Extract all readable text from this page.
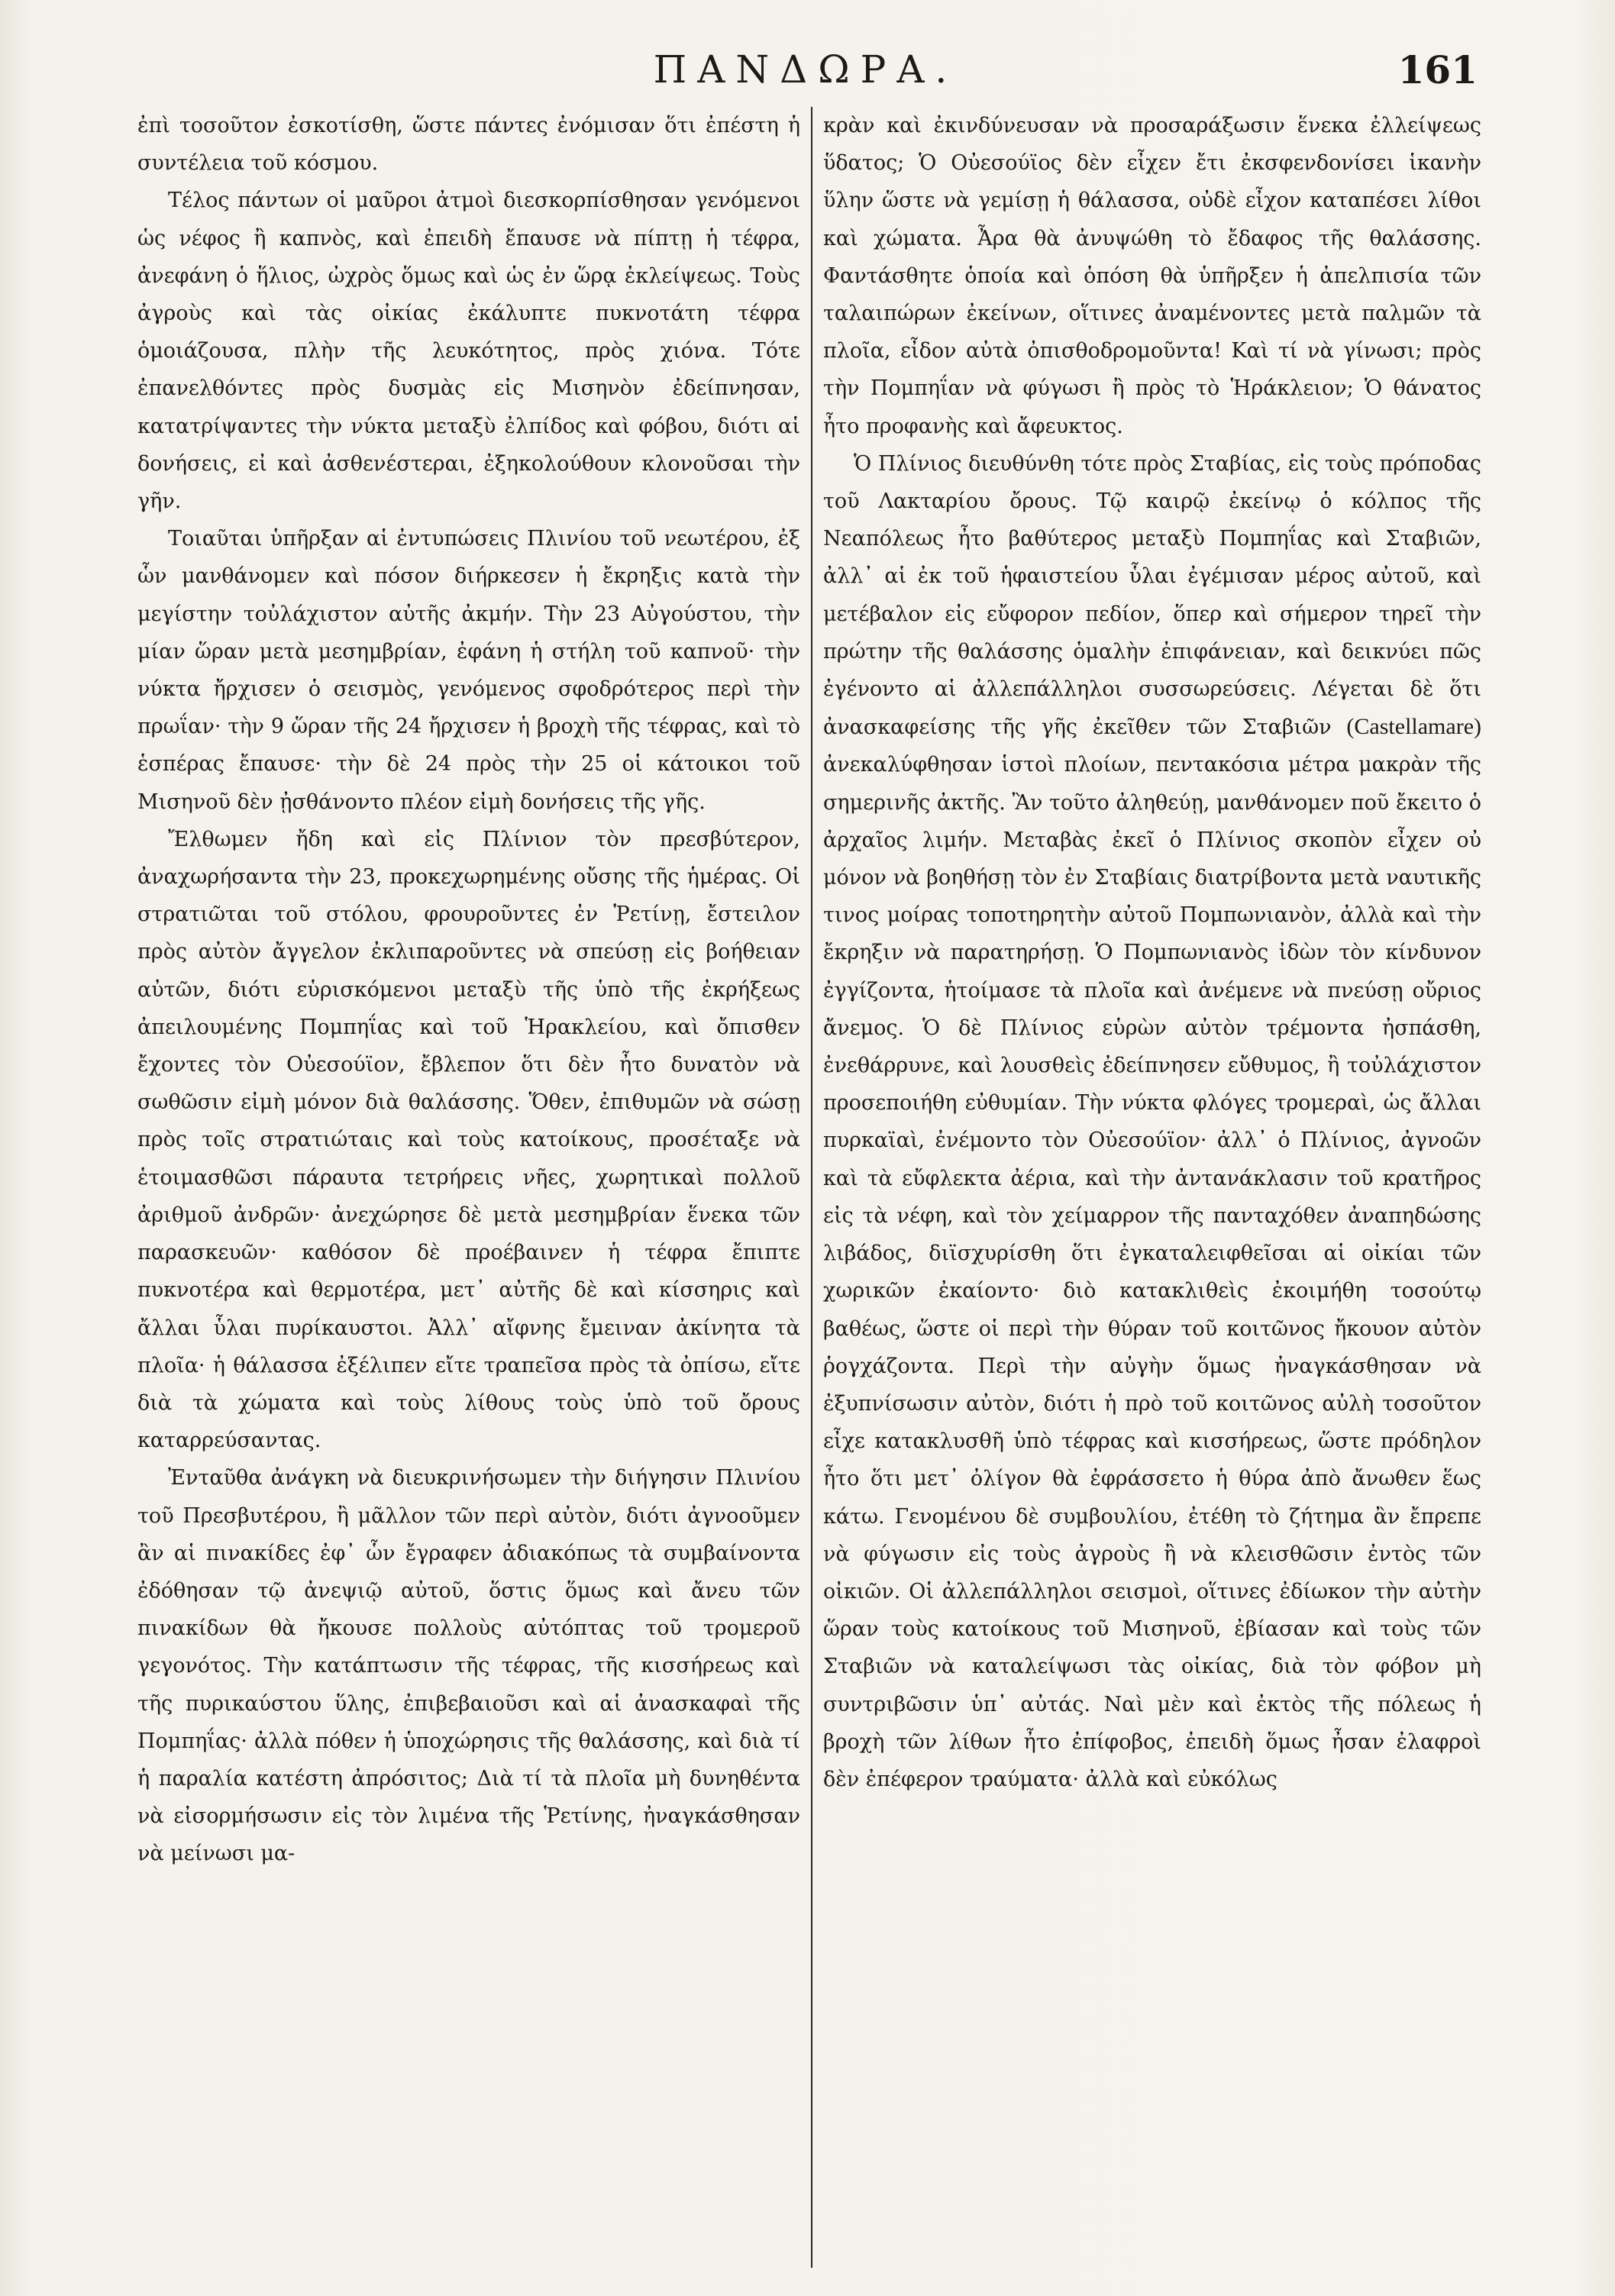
ΠΑΝΔΩΡΑ.	161

ἐπὶ τοσοῦτον ἐσκοτίσθη, ὥστε πάντες ἐνόμισαν ὅτι ἐπέστη ἡ συντέλεια τοῦ κόσμου.

Τέλος πάντων οἱ μαῦροι ἀτμοὶ διεσκορπίσθησαν γενόμενοι ὡς νέφος ἢ καπνὸς, καὶ ἐπειδὴ ἔπαυσε νὰ πίπτῃ ἡ τέφρα, ἀνεφάνη ὁ ἥλιος, ὠχρὸς ὅμως καὶ ὡς ἐν ὥρᾳ ἐκλείψεως. Τοὺς ἀγροὺς καὶ τὰς οἰκίας ἐκάλυπτε πυκνοτάτη τέφρα ὁμοιάζουσα, πλὴν τῆς λευκότητος, πρὸς χιόνα. Τότε ἐπανελθόντες πρὸς δυσμὰς εἰς Μισηνὸν ἐδείπνησαν, κατατρίψαντες τὴν νύκτα μεταξὺ ἐλπίδος καὶ φόβου, διότι αἱ δονήσεις, εἰ καὶ ἀσθενέστεραι, ἐξηκολούθουν κλονοῦσαι τὴν γῆν.

Τοιαῦται ὑπῆρξαν αἱ ἐντυπώσεις Πλινίου τοῦ νεωτέρου, ἐξ ὧν μανθάνομεν καὶ πόσον διήρκεσεν ἡ ἔκρηξις κατὰ τὴν μεγίστην τοὐλάχιστον αὐτῆς ἀκμήν. Τὴν 23 Αὐγούστου, τὴν μίαν ὥραν μετὰ μεσημβρίαν, ἐφάνη ἡ στήλη τοῦ καπνοῦ· τὴν νύκτα ἤρχισεν ὁ σεισμὸς, γενόμενος σφοδρότερος περὶ τὴν πρωΐαν· τὴν 9 ὥραν τῆς 24 ἤρχισεν ἡ βροχὴ τῆς τέφρας, καὶ τὸ ἑσπέρας ἔπαυσε· τὴν δὲ 24 πρὸς τὴν 25 οἱ κάτοικοι τοῦ Μισηνοῦ δὲν ᾐσθάνοντο πλέον εἰμὴ δονήσεις τῆς γῆς.

Ἔλθωμεν ἤδη καὶ εἰς Πλίνιον τὸν πρεσβύτερον, ἀναχωρήσαντα τὴν 23, προκεχωρημένης οὔσης τῆς ἡμέρας. Οἱ στρατιῶται τοῦ στόλου, φρουροῦντες ἐν Ῥετίνῃ, ἔστειλον πρὸς αὐτὸν ἄγγελον ἐκλιπαροῦντες νὰ σπεύσῃ εἰς βοήθειαν αὐτῶν, διότι εὑρισκόμενοι μεταξὺ τῆς ὑπὸ τῆς ἐκρήξεως ἀπειλουμένης Πομπηΐας καὶ τοῦ Ἡρακλείου, καὶ ὄπισθεν ἔχοντες τὸν Οὐεσούϊον, ἔβλεπον ὅτι δὲν ἦτο δυνατὸν νὰ σωθῶσιν εἰμὴ μόνον διὰ θαλάσσης. Ὅθεν, ἐπιθυμῶν νὰ σώσῃ πρὸς τοῖς στρατιώταις καὶ τοὺς κατοίκους, προσέταξε νὰ ἑτοιμασθῶσι πάραυτα τετρήρεις νῆες, χωρητικαὶ πολλοῦ ἀριθμοῦ ἀνδρῶν· ἀνεχώρησε δὲ μετὰ μεσημβρίαν ἕνεκα τῶν παρασκευῶν· καθόσον δὲ προέβαινεν ἡ τέφρα ἔπιπτε πυκνοτέρα καὶ θερμοτέρα, μετ᾽ αὐτῆς δὲ καὶ κίσσηρις καὶ ἄλλαι ὗλαι πυρίκαυστοι. Ἀλλ᾽ αἴφνης ἔμειναν ἀκίνητα τὰ πλοῖα· ἡ θάλασσα ἐξέλιπεν εἴτε τραπεῖσα πρὸς τὰ ὀπίσω, εἴτε διὰ τὰ χώματα καὶ τοὺς λίθους τοὺς ὑπὸ τοῦ ὄρους καταρρεύσαντας.

Ἐνταῦθα ἀνάγκη νὰ διευκρινήσωμεν τὴν διήγησιν Πλινίου τοῦ Πρεσβυτέρου, ἢ μᾶλλον τῶν περὶ αὐτὸν, διότι ἀγνοοῦμεν ἂν αἱ πινακίδες ἐφ᾽ ὧν ἔγραφεν ἀδιακόπως τὰ συμβαίνοντα ἐδόθησαν τῷ ἀνεψιῷ αὐτοῦ, ὅστις ὅμως καὶ ἄνευ τῶν πινακίδων θὰ ἤκουσε πολλοὺς αὐτόπτας τοῦ τρομεροῦ γεγονότος. Τὴν κατάπτωσιν τῆς τέφρας, τῆς κισσήρεως καὶ τῆς πυρικαύστου ὕλης, ἐπιβεβαιοῦσι καὶ αἱ ἀνασκαφαὶ τῆς Πομπηΐας· ἀλλὰ πόθεν ἡ ὑποχώρησις τῆς θαλάσσης, καὶ διὰ τί ἡ παραλία κατέστη ἀπρόσιτος; Διὰ τί τὰ πλοῖα μὴ δυνηθέντα νὰ εἰσορμήσωσιν εἰς τὸν λιμένα τῆς Ῥετίνης, ἠναγκάσθησαν νὰ μείνωσι μα-

κρὰν καὶ ἐκινδύνευσαν νὰ προσαράξωσιν ἕνεκα ἐλλείψεως ὕδατος; Ὁ Οὐεσούϊος δὲν εἶχεν ἔτι ἐκσφενδονίσει ἱκανὴν ὕλην ὥστε νὰ γεμίσῃ ἡ θάλασσα, οὐδὲ εἶχον καταπέσει λίθοι καὶ χώματα. Ἆρα θὰ ἀνυψώθη τὸ ἔδαφος τῆς θαλάσσης. Φαντάσθητε ὁποία καὶ ὁπόση θὰ ὑπῆρξεν ἡ ἀπελπισία τῶν ταλαιπώρων ἐκείνων, οἵτινες ἀναμένοντες μετὰ παλμῶν τὰ πλοῖα, εἶδον αὐτὰ ὀπισθοδρομοῦντα! Καὶ τί νὰ γίνωσι; πρὸς τὴν Πομπηΐαν νὰ φύγωσι ἢ πρὸς τὸ Ἡράκλειον; Ὁ θάνατος ἦτο προφανὴς καὶ ἄφευκτος.

Ὁ Πλίνιος διευθύνθη τότε πρὸς Σταβίας, εἰς τοὺς πρόποδας τοῦ Λακταρίου ὄρους. Τῷ καιρῷ ἐκείνῳ ὁ κόλπος τῆς Νεαπόλεως ἦτο βαθύτερος μεταξὺ Πομπηΐας καὶ Σταβιῶν, ἀλλ᾽ αἱ ἐκ τοῦ ἡφαιστείου ὗλαι ἐγέμισαν μέρος αὐτοῦ, καὶ μετέβαλον εἰς εὔφορον πεδίον, ὅπερ καὶ σήμερον τηρεῖ τὴν πρώτην τῆς θαλάσσης ὁμαλὴν ἐπιφάνειαν, καὶ δεικνύει πῶς ἐγένοντο αἱ ἀλλεπάλληλοι συσσωρεύσεις. Λέγεται δὲ ὅτι ἀνασκαφείσης τῆς γῆς ἐκεῖθεν τῶν Σταβιῶν (Castellamare) ἀνεκαλύφθησαν ἱστοὶ πλοίων, πεντακόσια μέτρα μακρὰν τῆς σημερινῆς ἀκτῆς. Ἂν τοῦτο ἀληθεύῃ, μανθάνομεν ποῦ ἔκειτο ὁ ἀρχαῖος λιμήν. Μεταβὰς ἐκεῖ ὁ Πλίνιος σκοπὸν εἶχεν οὐ μόνον νὰ βοηθήσῃ τὸν ἐν Σταβίαις διατρίβοντα μετὰ ναυτικῆς τινος μοίρας τοποτηρητὴν αὐτοῦ Πομπωνιανὸν, ἀλλὰ καὶ τὴν ἔκρηξιν νὰ παρατηρήσῃ. Ὁ Πομπωνιανὸς ἰδὼν τὸν κίνδυνον ἐγγίζοντα, ἡτοίμασε τὰ πλοῖα καὶ ἀνέμενε νὰ πνεύσῃ οὔριος ἄνεμος. Ὁ δὲ Πλίνιος εὑρὼν αὐτὸν τρέμοντα ἠσπάσθη, ἐνεθάρρυνε, καὶ λουσθεὶς ἐδείπνησεν εὔθυμος, ἢ τοὐλάχιστον προσεποιήθη εὐθυμίαν. Τὴν νύκτα φλόγες τρομεραὶ, ὡς ἄλλαι πυρκαϊαὶ, ἐνέμοντο τὸν Οὐεσούϊον· ἀλλ᾽ ὁ Πλίνιος, ἀγνοῶν καὶ τὰ εὔφλεκτα ἀέρια, καὶ τὴν ἀντανάκλασιν τοῦ κρατῆρος εἰς τὰ νέφη, καὶ τὸν χείμαρρον τῆς πανταχόθεν ἀναπηδώσης λιβάδος, διϊσχυρίσθη ὅτι ἐγκαταλειφθεῖσαι αἱ οἰκίαι τῶν χωρικῶν ἐκαίοντο· διὸ κατακλιθεὶς ἐκοιμήθη τοσούτῳ βαθέως, ὥστε οἱ περὶ τὴν θύραν τοῦ κοιτῶνος ἤκουον αὐτὸν ῥογχάζοντα. Περὶ τὴν αὐγὴν ὅμως ἠναγκάσθησαν νὰ ἐξυπνίσωσιν αὐτὸν, διότι ἡ πρὸ τοῦ κοιτῶνος αὐλὴ τοσοῦτον εἶχε κατακλυσθῆ ὑπὸ τέφρας καὶ κισσήρεως, ὥστε πρόδηλον ἦτο ὅτι μετ᾽ ὀλίγον θὰ ἐφράσσετο ἡ θύρα ἀπὸ ἄνωθεν ἕως κάτω. Γενομένου δὲ συμβουλίου, ἐτέθη τὸ ζήτημα ἂν ἔπρεπε νὰ φύγωσιν εἰς τοὺς ἀγροὺς ἢ νὰ κλεισθῶσιν ἐντὸς τῶν οἰκιῶν. Οἱ ἀλλεπάλληλοι σεισμοὶ, οἵτινες ἐδίωκον τὴν αὐτὴν ὥραν τοὺς κατοίκους τοῦ Μισηνοῦ, ἐβίασαν καὶ τοὺς τῶν Σταβιῶν νὰ καταλείψωσι τὰς οἰκίας, διὰ τὸν φόβον μὴ συντριβῶσιν ὑπ᾽ αὐτάς. Ναὶ μὲν καὶ ἐκτὸς τῆς πόλεως ἡ βροχὴ τῶν λίθων ἦτο ἐπίφοβος, ἐπειδὴ ὅμως ἦσαν ἐλαφροὶ δὲν ἐπέφερον τραύματα· ἀλλὰ καὶ εὐκόλως
